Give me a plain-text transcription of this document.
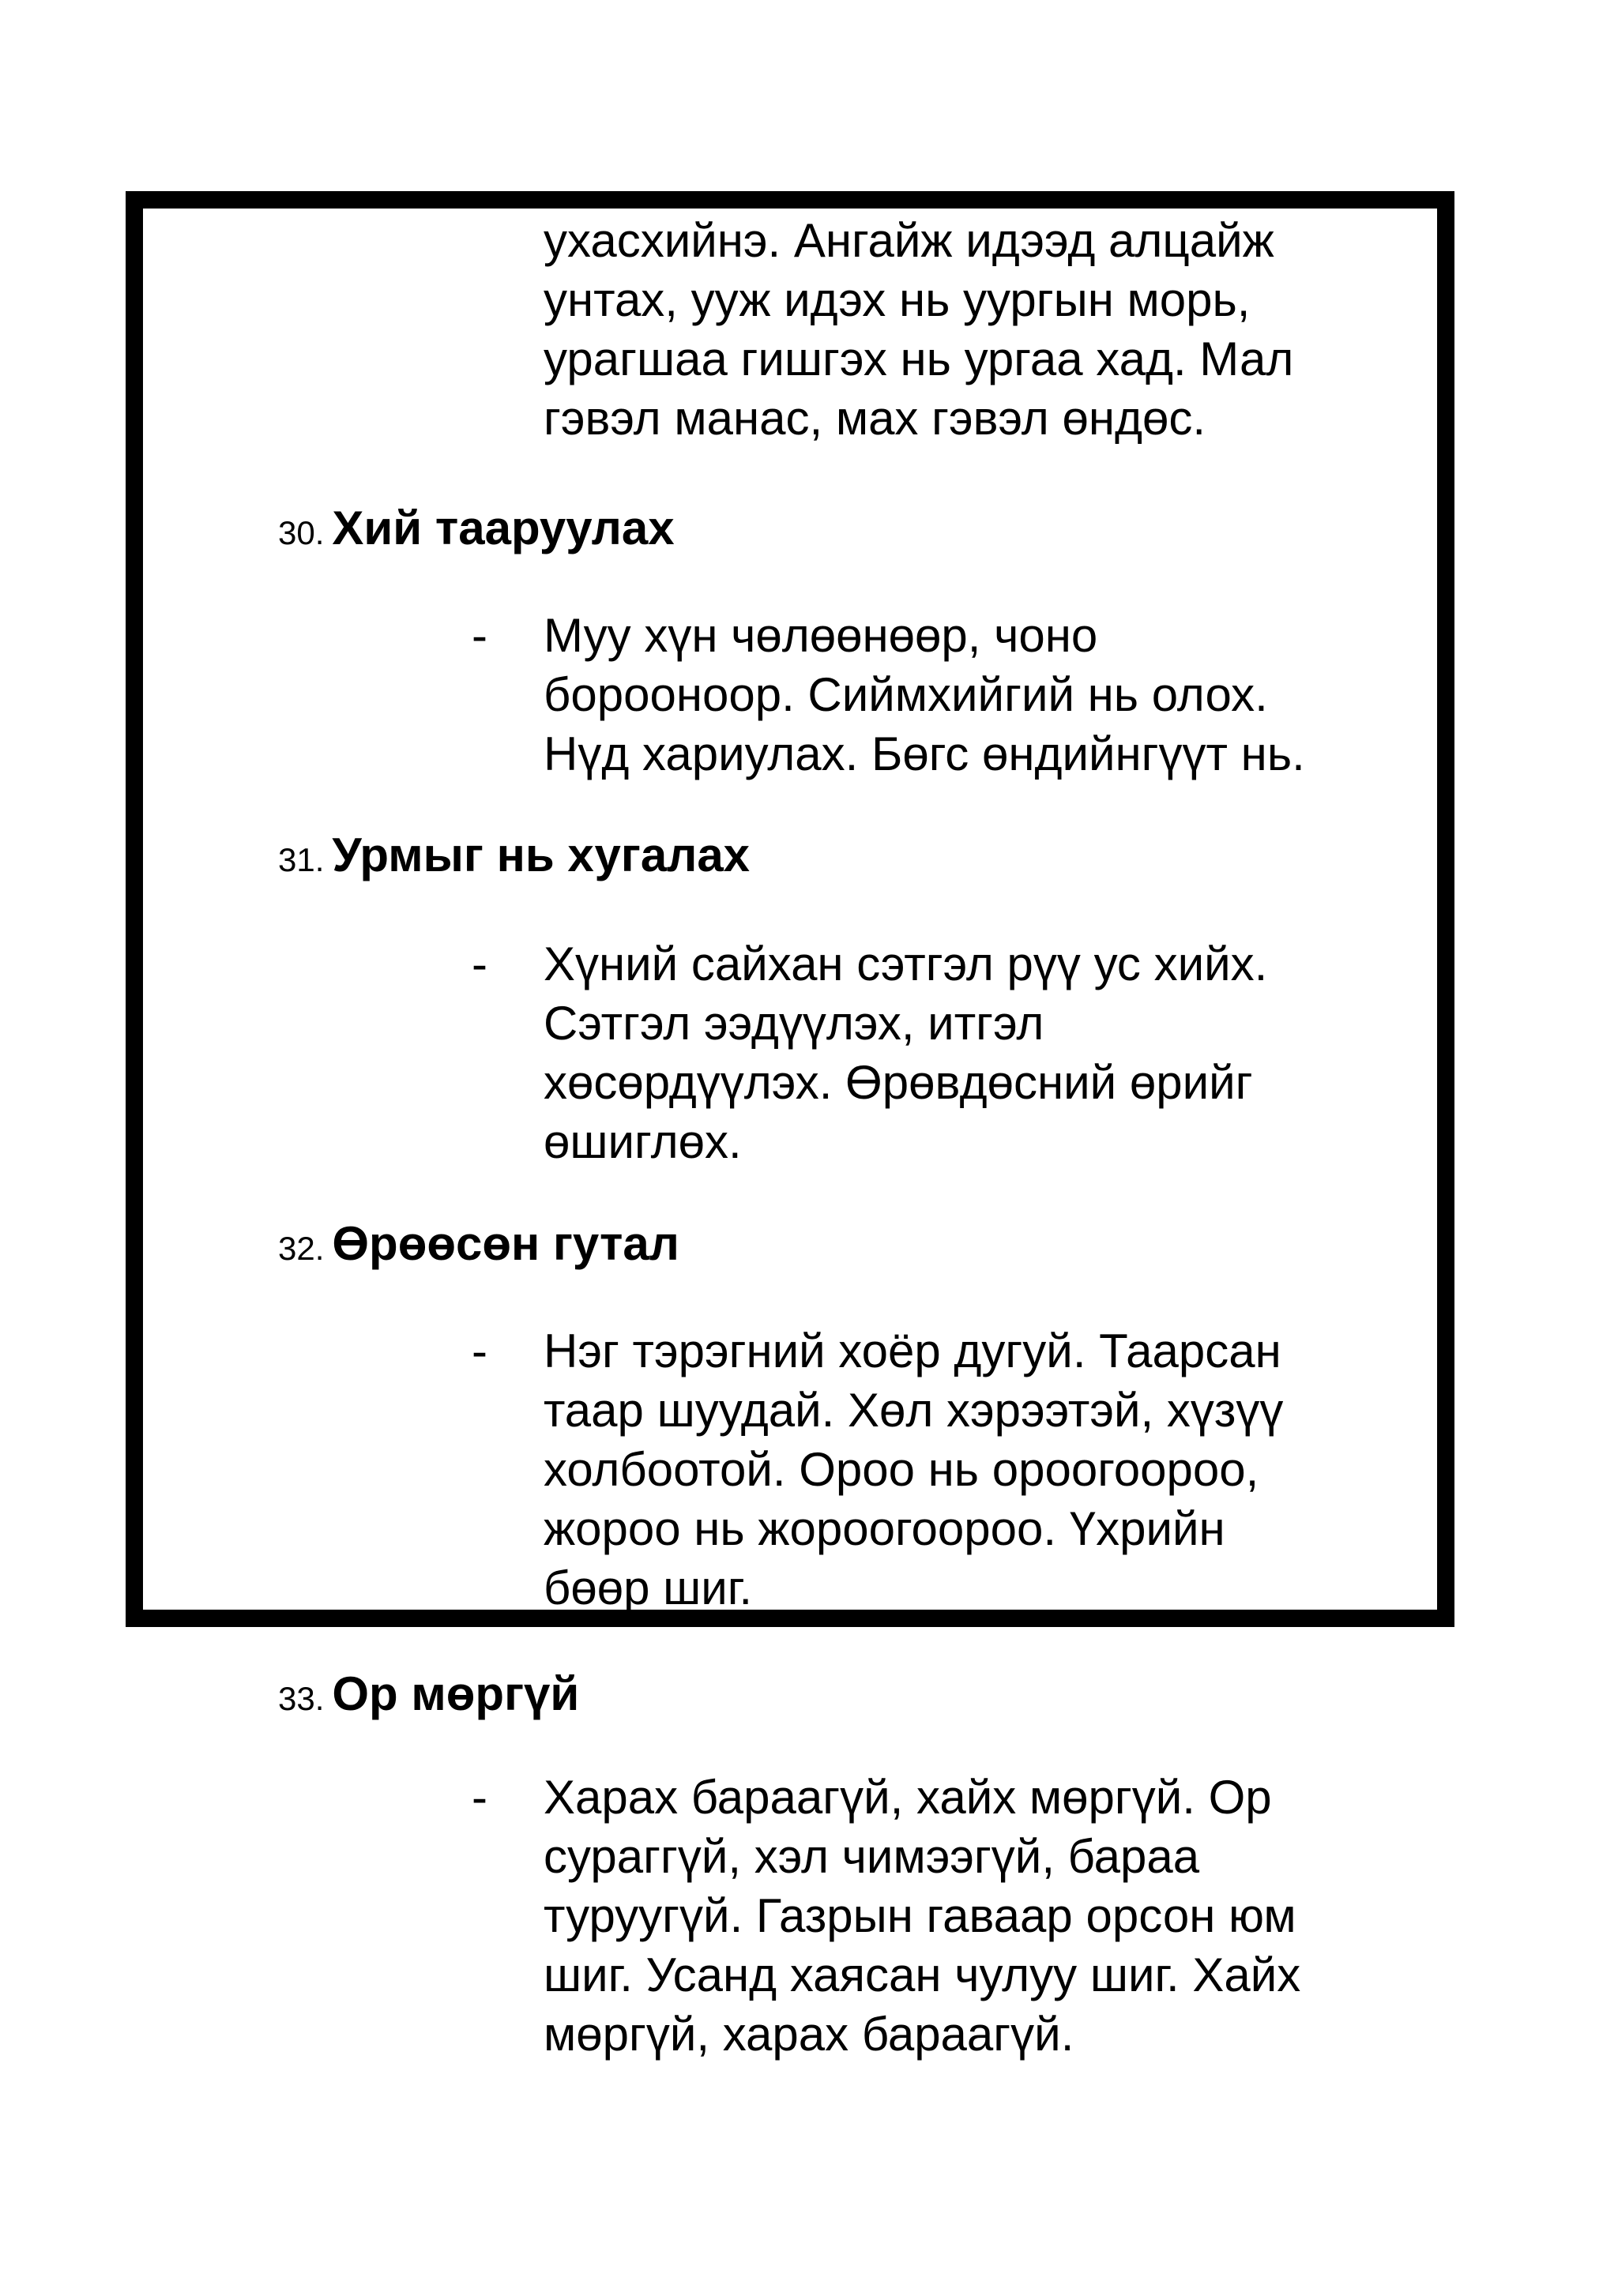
ухасхийнэ. Ангайж идээд алцайж

унтах, ууж идэх нь уургын морь,

урагшаа гишгэх нь ургаа хад. Мал

гэвэл манас, мах гэвэл өндөс.

30. Хий тааруулах
- Муу хүн чөлөөнөөр, чоно

бороонoор. Сиймхийгий нь олох.

Нүд хариулах. Бөгс өндийнгүүт нь.

31. Урмыг нь хугалах
- Хүний сайхан сэтгэл рүү ус хийх.

Сэтгэл ээдүүлэх, итгэл

хөсөрдүүлэх. Өрөвдөсний өрийг

өшиглөх.

32. Өрөөсөн гутал
- Нэг тэрэгний хоёр дугуй. Таарсан

таар шуудай. Хөл хэрээтэй, хүзүү

холбоотой. Ороо нь ороогоороо,

жороо нь жороогоороо. Үхрийн

бөөр шиг.

33. Ор мөргүй
- Харах бараагүй, хайх мөргүй. Ор

сураггүй, хэл чимээгүй, бараа

туруугүй. Газрын гаваар орсон юм

шиг. Усанд хаясан чулуу шиг. Хайх

мөргүй, харах бараагүй.
